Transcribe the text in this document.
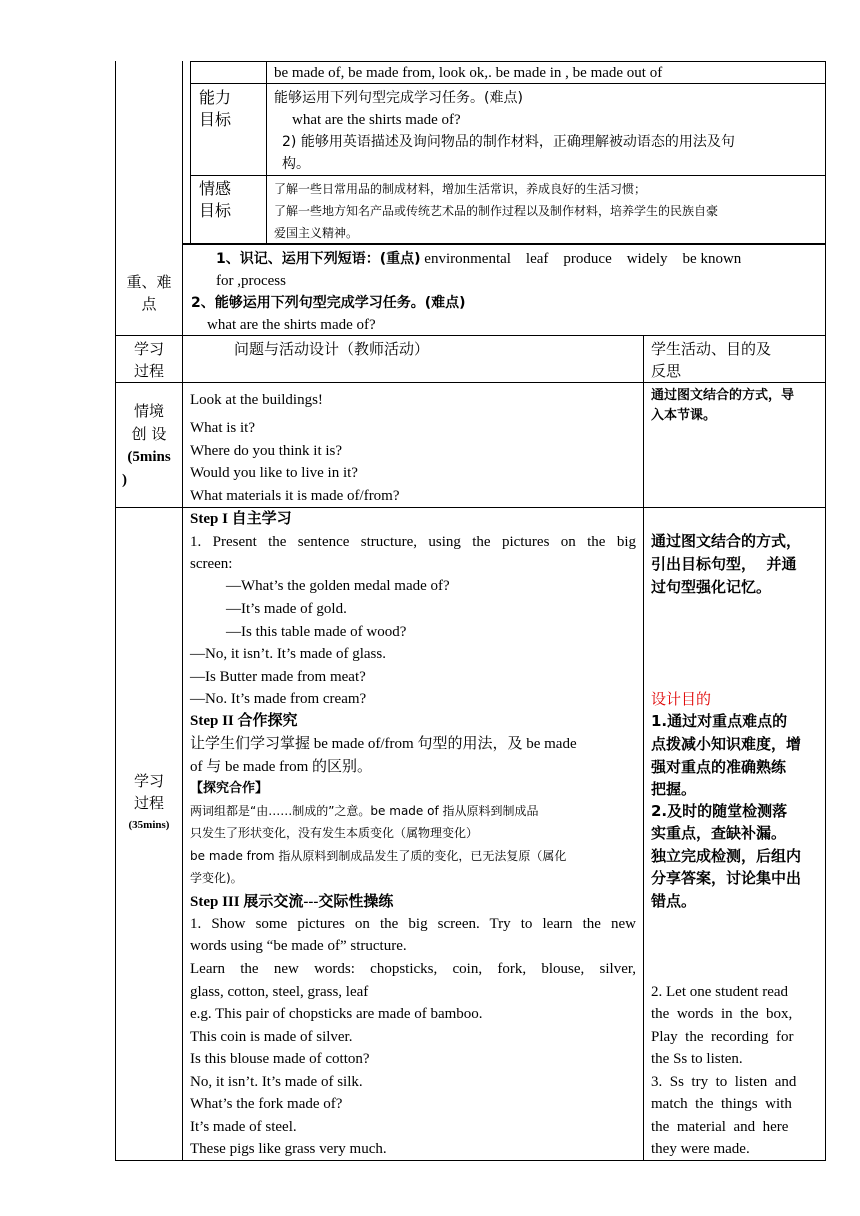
be made of, be made from, look ok,. be made in , be made out of
能力
目标
能够运用下列句型完成学习任务。(难点)
what are the shirts made of?
2) 能够用英语描述及询问物品的制作材料，正确理解被动语态的用法及句
构。
情感
目标
了解一些日常用品的制成材料，增加生活常识，养成良好的生活习惯；
了解一些地方知名产品或传统艺术品的制作过程以及制作材料，培养学生的民族自豪
爱国主义精神。
重、难
点
1、识记、运用下列短语：(重点) environmental    leaf    produce    widely    be known
for ,process
2、能够运用下列句型完成学习任务。(难点)
what are the shirts made of?
学习
过程
问题与活动设计（教师活动）	学生活动、目的及
反思
情境
创 设
(5mins
)
Look at the buildings!
What is it?
Where do you think it is?
Would you like to live in it?
What materials it is made of/from?
通过图文结合的方式，导
入本节课。
学习
过程
(35mins)
Step I 自主学习
1. Present the sentence structure, using the pictures on the big
screen:
—What’s the golden medal made of?
—It’s made of gold.
—Is this table made of wood?
—No, it isn’t. It’s made of glass.
—Is Butter made from meat?
—No. It’s made from cream?
Step II 合作探究
让学生们学习掌握 be made of/from 句型的用法，及 be made
of 与 be made from 的区别。
【探究合作】
两词组都是“由……制成的”之意。be made of 指从原料到制成品
只发生了形状变化，没有发生本质变化（属物理变化）
be made from 指从原料到制成品发生了质的变化，已无法复原（属化
学变化)。
Step III 展示交流---交际性操练
1. Show some pictures on the big screen. Try to learn the new
words using “be made of” structure.
Learn the new words: chopsticks, coin, fork, blouse, silver,
glass, cotton, steel, grass, leaf
e.g. This pair of chopsticks are made of bamboo.
This coin is made of silver.
Is this blouse made of cotton?
No, it isn’t. It’s made of silk.
What’s the fork made of?
It’s made of steel.
These pigs like grass very much.
通过图文结合的方式，
引出目标句型，  并通
过句型强化记忆。
设计目的
1.通过对重点难点的
点拨减小知识难度，增
强对重点的准确熟练
把握。
2.及时的随堂检测落
实重点，查缺补漏。
独立完成检测，后组内
分享答案，讨论集中出
错点。
2. Let one student read
the  words  in  the  box,
Play  the  recording  for
the Ss to listen.
3.  Ss  try  to  listen  and
match  the  things  with
the  material  and  here
they were made.
